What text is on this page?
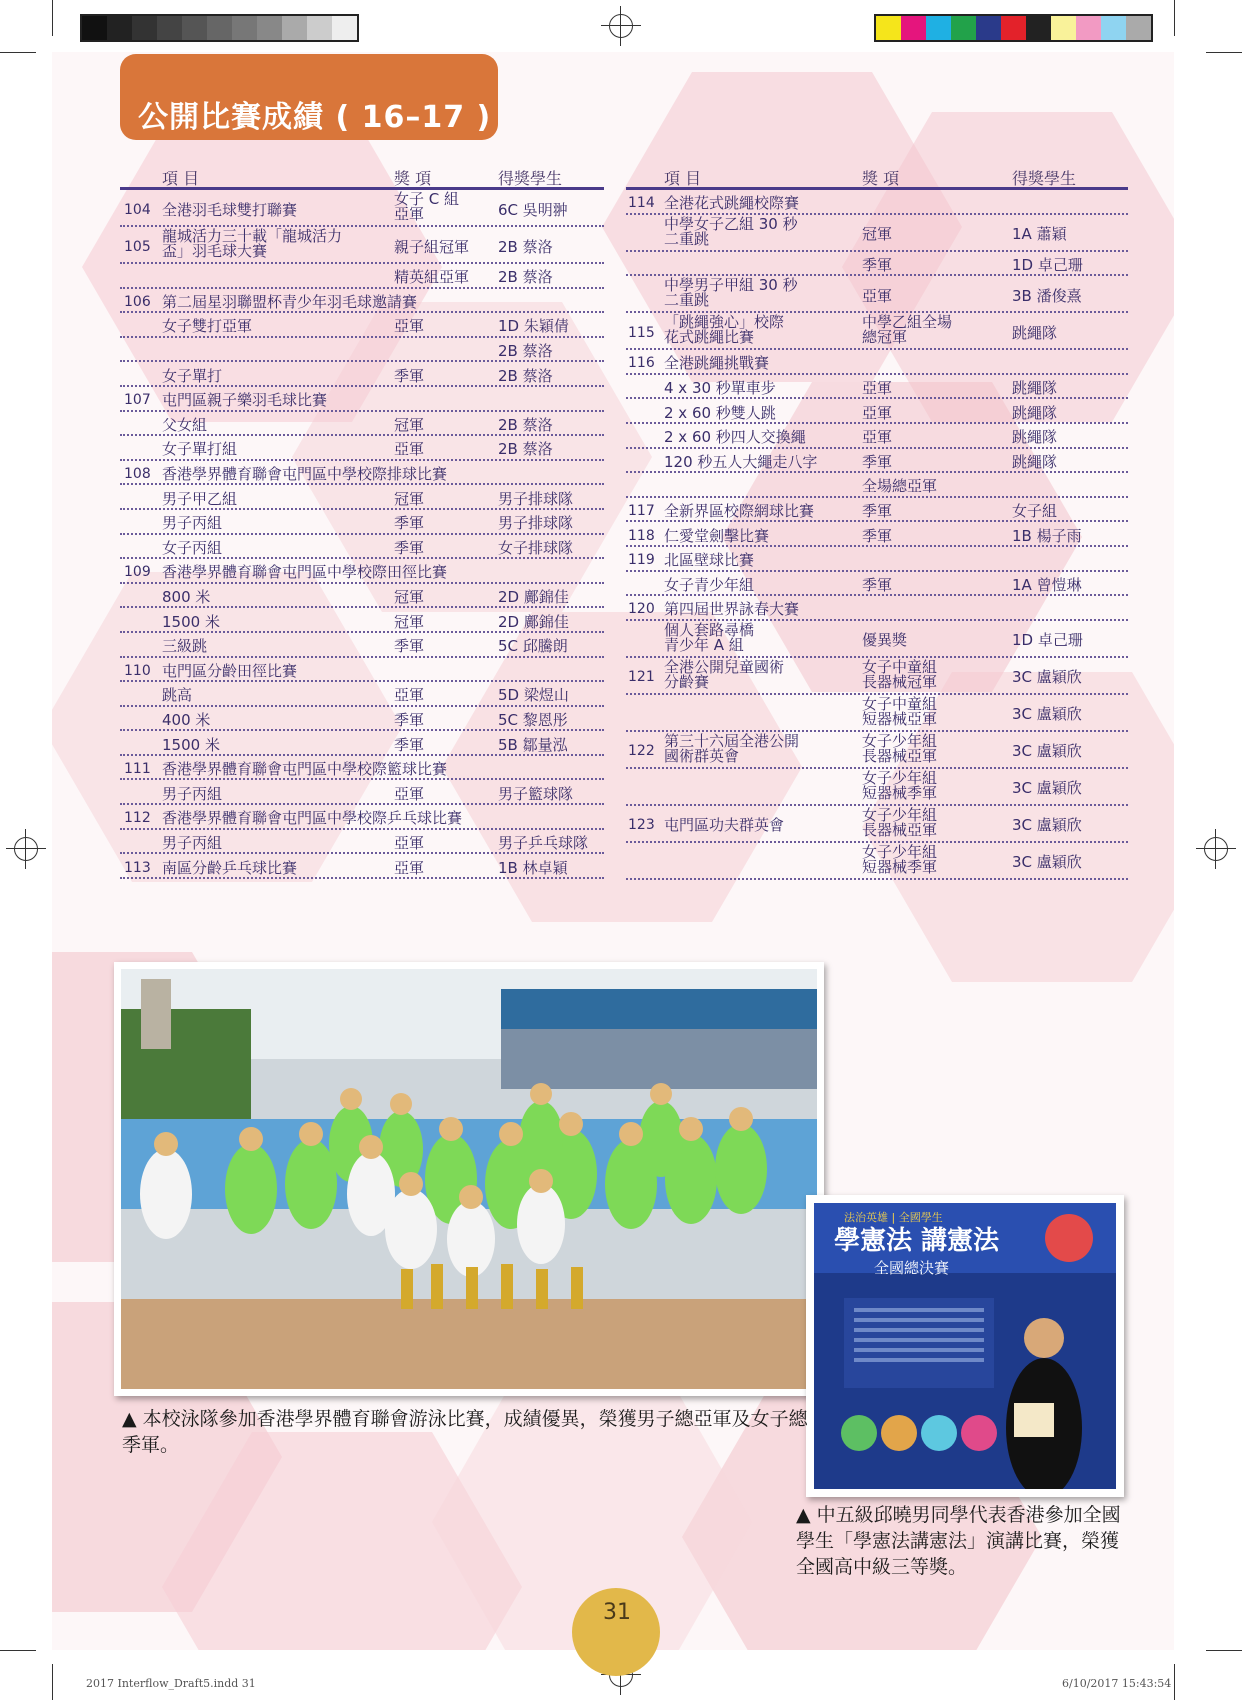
公開比賽成績 ( 16–17 )
項 目	獎 項	得獎學生
104 全港羽毛球雙打聯賽
女子 C 組
亞軍	6C 吳明翀
105
龍城活力三十載「龍城活力
盃」羽毛球大賽	親子組冠軍 2B 蔡洛
精英組亞軍 2B 蔡洛
106 第二屆星羽聯盟杯青少年羽毛球邀請賽
女子雙打亞軍	亞軍	1D 朱穎倩
2B 蔡洛
女子單打	季軍	2B 蔡洛
107 屯門區親子樂羽毛球比賽
父女組	冠軍	2B 蔡洛
女子單打組	亞軍	2B 蔡洛
108 香港學界體育聯會屯門區中學校際排球比賽
男子甲乙組	冠軍	男子排球隊
男子丙組	季軍	男子排球隊
女子丙組	季軍	女子排球隊
109 香港學界體育聯會屯門區中學校際田徑比賽
800 米	冠軍	2D 鄺錦佳
1500 米	冠軍	2D 鄺錦佳
三級跳	季軍	5C 邱騰朗
110 屯門區分齡田徑比賽
跳高	亞軍	5D 梁煜山
400 米	季軍	5C 黎恩彤
1500 米	季軍	5B 鄒量泓
111 香港學界體育聯會屯門區中學校際籃球比賽
男子丙組	亞軍	男子籃球隊
112 香港學界體育聯會屯門區中學校際乒乓球比賽
男子丙組	亞軍	男子乒乓球隊
113 南區分齡乒乓球比賽	亞軍	1B 林卓穎
項 目	獎 項	得獎學生
114 全港花式跳繩校際賽
中學女子乙組 30 秒
二重跳	冠軍	1A 蕭穎
季軍	1D 卓己珊
中學男子甲組 30 秒
二重跳	亞軍	3B 潘俊熹
115
「跳繩強心」校際
花式跳繩比賽
中學乙組全場
總冠軍	跳繩隊
116 全港跳繩挑戰賽
4 x 30 秒單車步	亞軍	跳繩隊
2 x 60 秒雙人跳	亞軍	跳繩隊
2 x 60 秒四人交換繩	亞軍	跳繩隊
120 秒五人大繩走八字	季軍	跳繩隊
全場總亞軍
117 全新界區校際網球比賽	季軍	女子組
118 仁愛堂劍擊比賽	季軍	1B 楊子雨
119 北區壁球比賽
女子青少年組	季軍	1A 曾愷琳
120 第四屆世界詠春大賽
個人套路尋橋
青少年 A 組	優異獎	1D 卓己珊
121
全港公開兒童國術
分齡賽
女子中童組
長器械冠軍	3C 盧穎欣
女子中童組
短器械亞軍	3C 盧穎欣
122
第三十六屆全港公開
國術群英會
女子少年組
長器械亞軍	3C 盧穎欣
女子少年組
短器械季軍	3C 盧穎欣
123 屯門區功夫群英會
女子少年組
長器械亞軍	3C 盧穎欣
女子少年組
短器械季軍	3C 盧穎欣
法治英雄 | 全國學生
學憲法 講憲法
全國總決賽
▲ 本校泳隊參加香港學界體育聯會游泳比賽，成績優異，榮獲男子總亞軍及女子總季軍。
▲ 中五級邱曉男同學代表香港參加全國學生「學憲法講憲法」演講比賽，榮獲全國高中級三等獎。
31
2017 Interflow_Draft5.indd 31	6/10/2017 15:43:54
